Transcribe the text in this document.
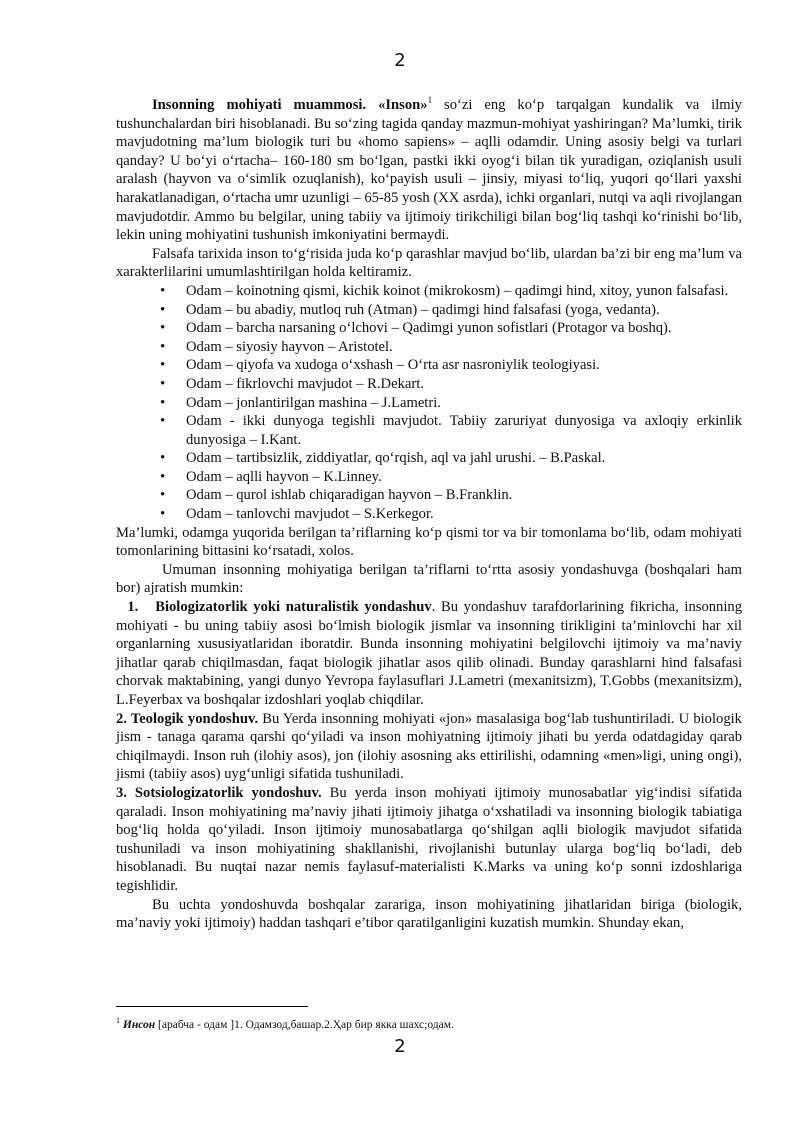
2

Insonning mohiyati muammosi. «Inson»$^1$ so‘zi eng ko‘p tarqalgan kundalik va ilmiy tushunchalardan biri hisoblanadi. Bu so‘zing tagida qanday mazmun-mohiyat yashiringan? Ma’lumki, tirik mavjudotning ma’lum biologik turi bu «homo sapiens» – aqlli odamdir. Uning asosiy belgi va turlari qanday? U bo‘yi o‘rtacha– 160-180 sm bo‘lgan, pastki ikki oyog‘i bilan tik yuradigan, oziqlanish usuli aralash (hayvon va o‘simlik ozuqlanish), ko‘payish usuli – jinsiy, miyasi to‘liq, yuqori qo‘llari yaxshi harakatlanadigan, o‘rtacha umr uzunligi – 65-85 yosh (XX asrda), ichki organlari, nutqi va aqli rivojlangan mavjudotdir. Ammo bu belgilar, uning tabiiy va ijtimoiy tirikchiligi bilan bog‘liq tashqi ko‘rinishi bo‘lib, lekin uning mohiyatini tushunish imkoniyatini bermaydi.

Falsafa tarixida inson to‘g‘risida juda ko‘p qarashlar mavjud bo‘lib, ulardan ba’zi bir eng ma’lum va xarakterlilarini umumlashtirilgan holda keltiramiz.

• Odam – koinotning qismi, kichik koinot (mikrokosm) – qadimgi hind, xitoy, yunon falsafasi.
• Odam – bu abadiy, mutloq ruh (Atman) – qadimgi hind falsafasi (yoga, vedanta).
• Odam – barcha narsaning o‘lchovi – Qadimgi yunon sofistlari (Protagor va boshq).
• Odam – siyosiy hayvon – Aristotel.
• Odam – qiyofa va xudoga o‘xshash – O‘rta asr nasroniylik teologiyasi.
• Odam – fikrlovchi mavjudot – R.Dekart.
• Odam – jonlantirilgan mashina – J.Lametri.
• Odam - ikki dunyoga tegishli mavjudot. Tabiiy zaruriyat dunyosiga va axloqiy erkinlik dunyosiga – I.Kant.
• Odam – tartibsizlik, ziddiyatlar, qo‘rqish, aql va jahl urushi. – B.Paskal.
• Odam – aqlli hayvon – K.Linney.
• Odam – qurol ishlab chiqaradigan hayvon – B.Franklin.
• Odam – tanlovchi mavjudot – S.Kerkegor.

Ma’lumki, odamga yuqorida berilgan ta’riflarning ko‘p qismi tor va bir tomonlama bo‘lib, odam mohiyati tomonlarining bittasini ko‘rsatadi, xolos.

Umuman insonning mohiyatiga berilgan ta’riflarni to‘rtta asosiy yondashuvga (boshqalari ham bor) ajratish mumkin:

1. Biologizatorlik yoki naturalistik yondashuv. Bu yondashuv tarafdorlarining fikricha, insonning mohiyati - bu uning tabiiy asosi bo‘lmish biologik jismlar va insonning tirikligini ta’minlovchi har xil organlarning xususiyatlaridan iboratdir. Bunda insonning mohiyatini belgilovchi ijtimoiy va ma’naviy jihatlar qarab chiqilmasdan, faqat biologik jihatlar asos qilib olinadi. Bunday qarashlarni hind falsafasi chorvak maktabining, yangi dunyo Yevropa faylasuflari J.Lametri (mexanitsizm), T.Gobbs (mexanitsizm), L.Feyerbax va boshqalar izdoshlari yoqlab chiqdilar.

2. Teologik yondoshuv. Bu Yerda insonning mohiyati «jon» masalasiga bog‘lab tushuntiriladi. U biologik jism - tanaga qarama qarshi qo‘yiladi va inson mohiyatning ijtimoiy jihati bu yerda odatdagiday qarab chiqilmaydi. Inson ruh (ilohiy asos), jon (ilohiy asosning aks ettirilishi, odamning «men»ligi, uning ongi), jismi (tabiiy asos) uyg‘unligi sifatida tushuniladi.

3. Sotsiologizatorlik yondoshuv. Bu yerda inson mohiyati ijtimoiy munosabatlar yig‘indisi sifatida qaraladi. Inson mohiyatining ma’naviy jihati ijtimoiy jihatga o‘xshatiladi va insonning biologik tabiatiga bog‘liq holda qo‘yiladi. Inson ijtimoiy munosabatlarga qo‘shilgan aqlli biologik mavjudot sifatida tushuniladi va inson mohiyatining shakllanishi, rivojlanishi butunlay ularga bog‘liq bo‘ladi, deb hisoblanadi. Bu nuqtai nazar nemis faylasuf-materialisti K.Marks va uning ko‘p sonni izdoshlariga tegishlidir.

Bu uchta yondoshuvda boshqalar zarariga, inson mohiyatining jihatlaridan biriga (biologik, ma’naviy yoki ijtimoiy) haddan tashqari e’tibor qaratilganligini kuzatish mumkin. Shunday ekan,

$^1$ Инсон [арабча - одам ]1. Одамзод,башар.2.Ҳар бир якка шахс;одам.
2
